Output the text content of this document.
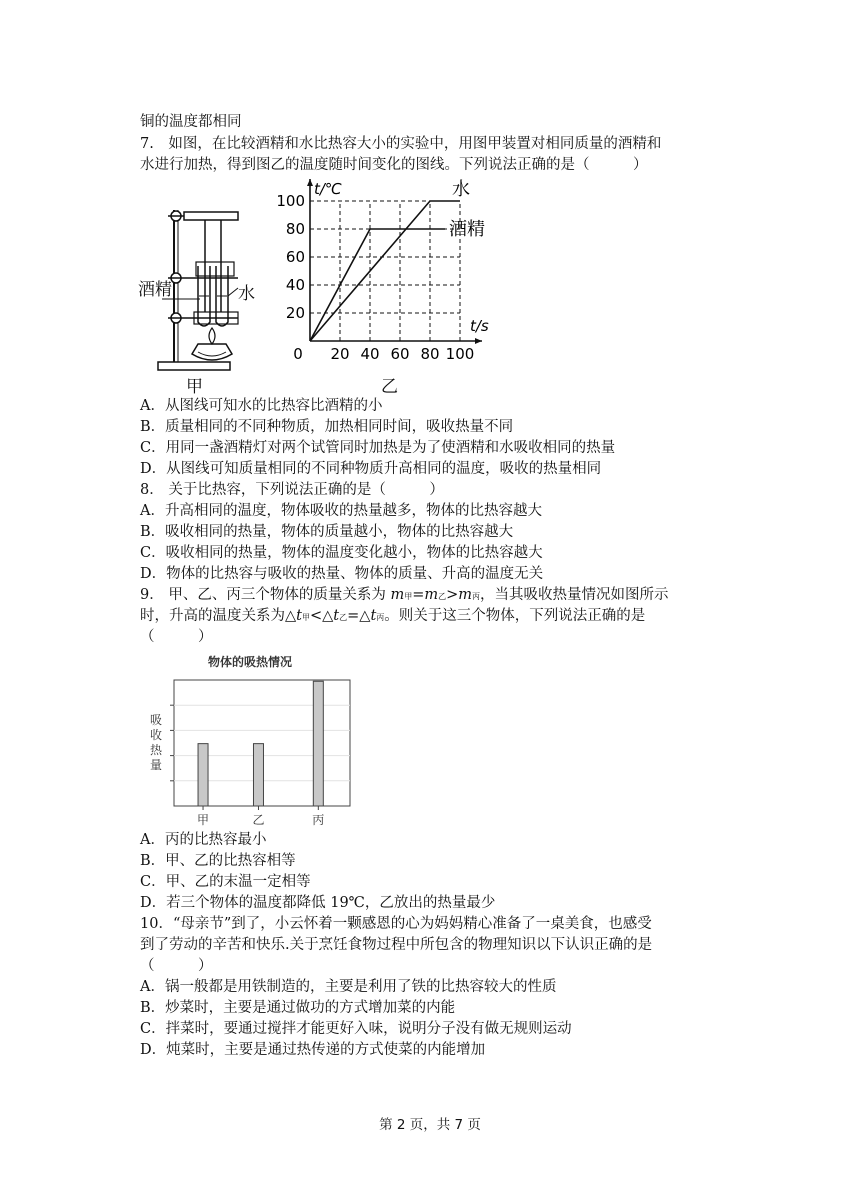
铜的温度都相同
7.　如图，在比较酒精和水比热容大小的实验中，用图甲装置对相同质量的酒精和
水进行加热，得到图乙的温度随时间变化的图线。下列说法正确的是（　　　）
酒精	水
甲
20 40 60 80 100
20
40
60
80
100
0
t/℃
t/s
水
酒精
乙
A．从图线可知水的比热容比酒精的小
B．质量相同的不同种物质，加热相同时间，吸收热量不同
C．用同一盏酒精灯对两个试管同时加热是为了使酒精和水吸收相同的热量
D．从图线可知质量相同的不同种物质升高相同的温度，吸收的热量相同
8． 关于比热容，下列说法正确的是（　　　）
A．升高相同的温度，物体吸收的热量越多，物体的比热容越大
B．吸收相同的热量，物体的质量越小，物体的比热容越大
C．吸收相同的热量，物体的温度变化越小，物体的比热容越大
D．物体的比热容与吸收的热量、物体的质量、升高的温度无关
9． 甲、乙、丙三个物体的质量关系为 m甲=m乙>m丙，当其吸收热量情况如图所示
时，升高的温度关系为△t甲<△t乙=△t丙。则关于这三个物体，下列说法正确的是
（　　　）
物体的吸热情况
吸
收
热
量
甲	乙	丙
A．丙的比热容最小
B．甲、乙的比热容相等
C．甲、乙的末温一定相等
D．若三个物体的温度都降低 19℃，乙放出的热量最少
10．“母亲节”到了，小云怀着一颗感恩的心为妈妈精心准备了一桌美食，也感受
到了劳动的辛苦和快乐.关于烹饪食物过程中所包含的物理知识以下认识正确的是
（　　　）
A．锅一般都是用铁制造的，主要是利用了铁的比热容较大的性质
B．炒菜时，主要是通过做功的方式增加菜的内能
C．拌菜时，要通过搅拌才能更好入味，说明分子没有做无规则运动
D．炖菜时，主要是通过热传递的方式使菜的内能增加
第 2 页，共 7 页
